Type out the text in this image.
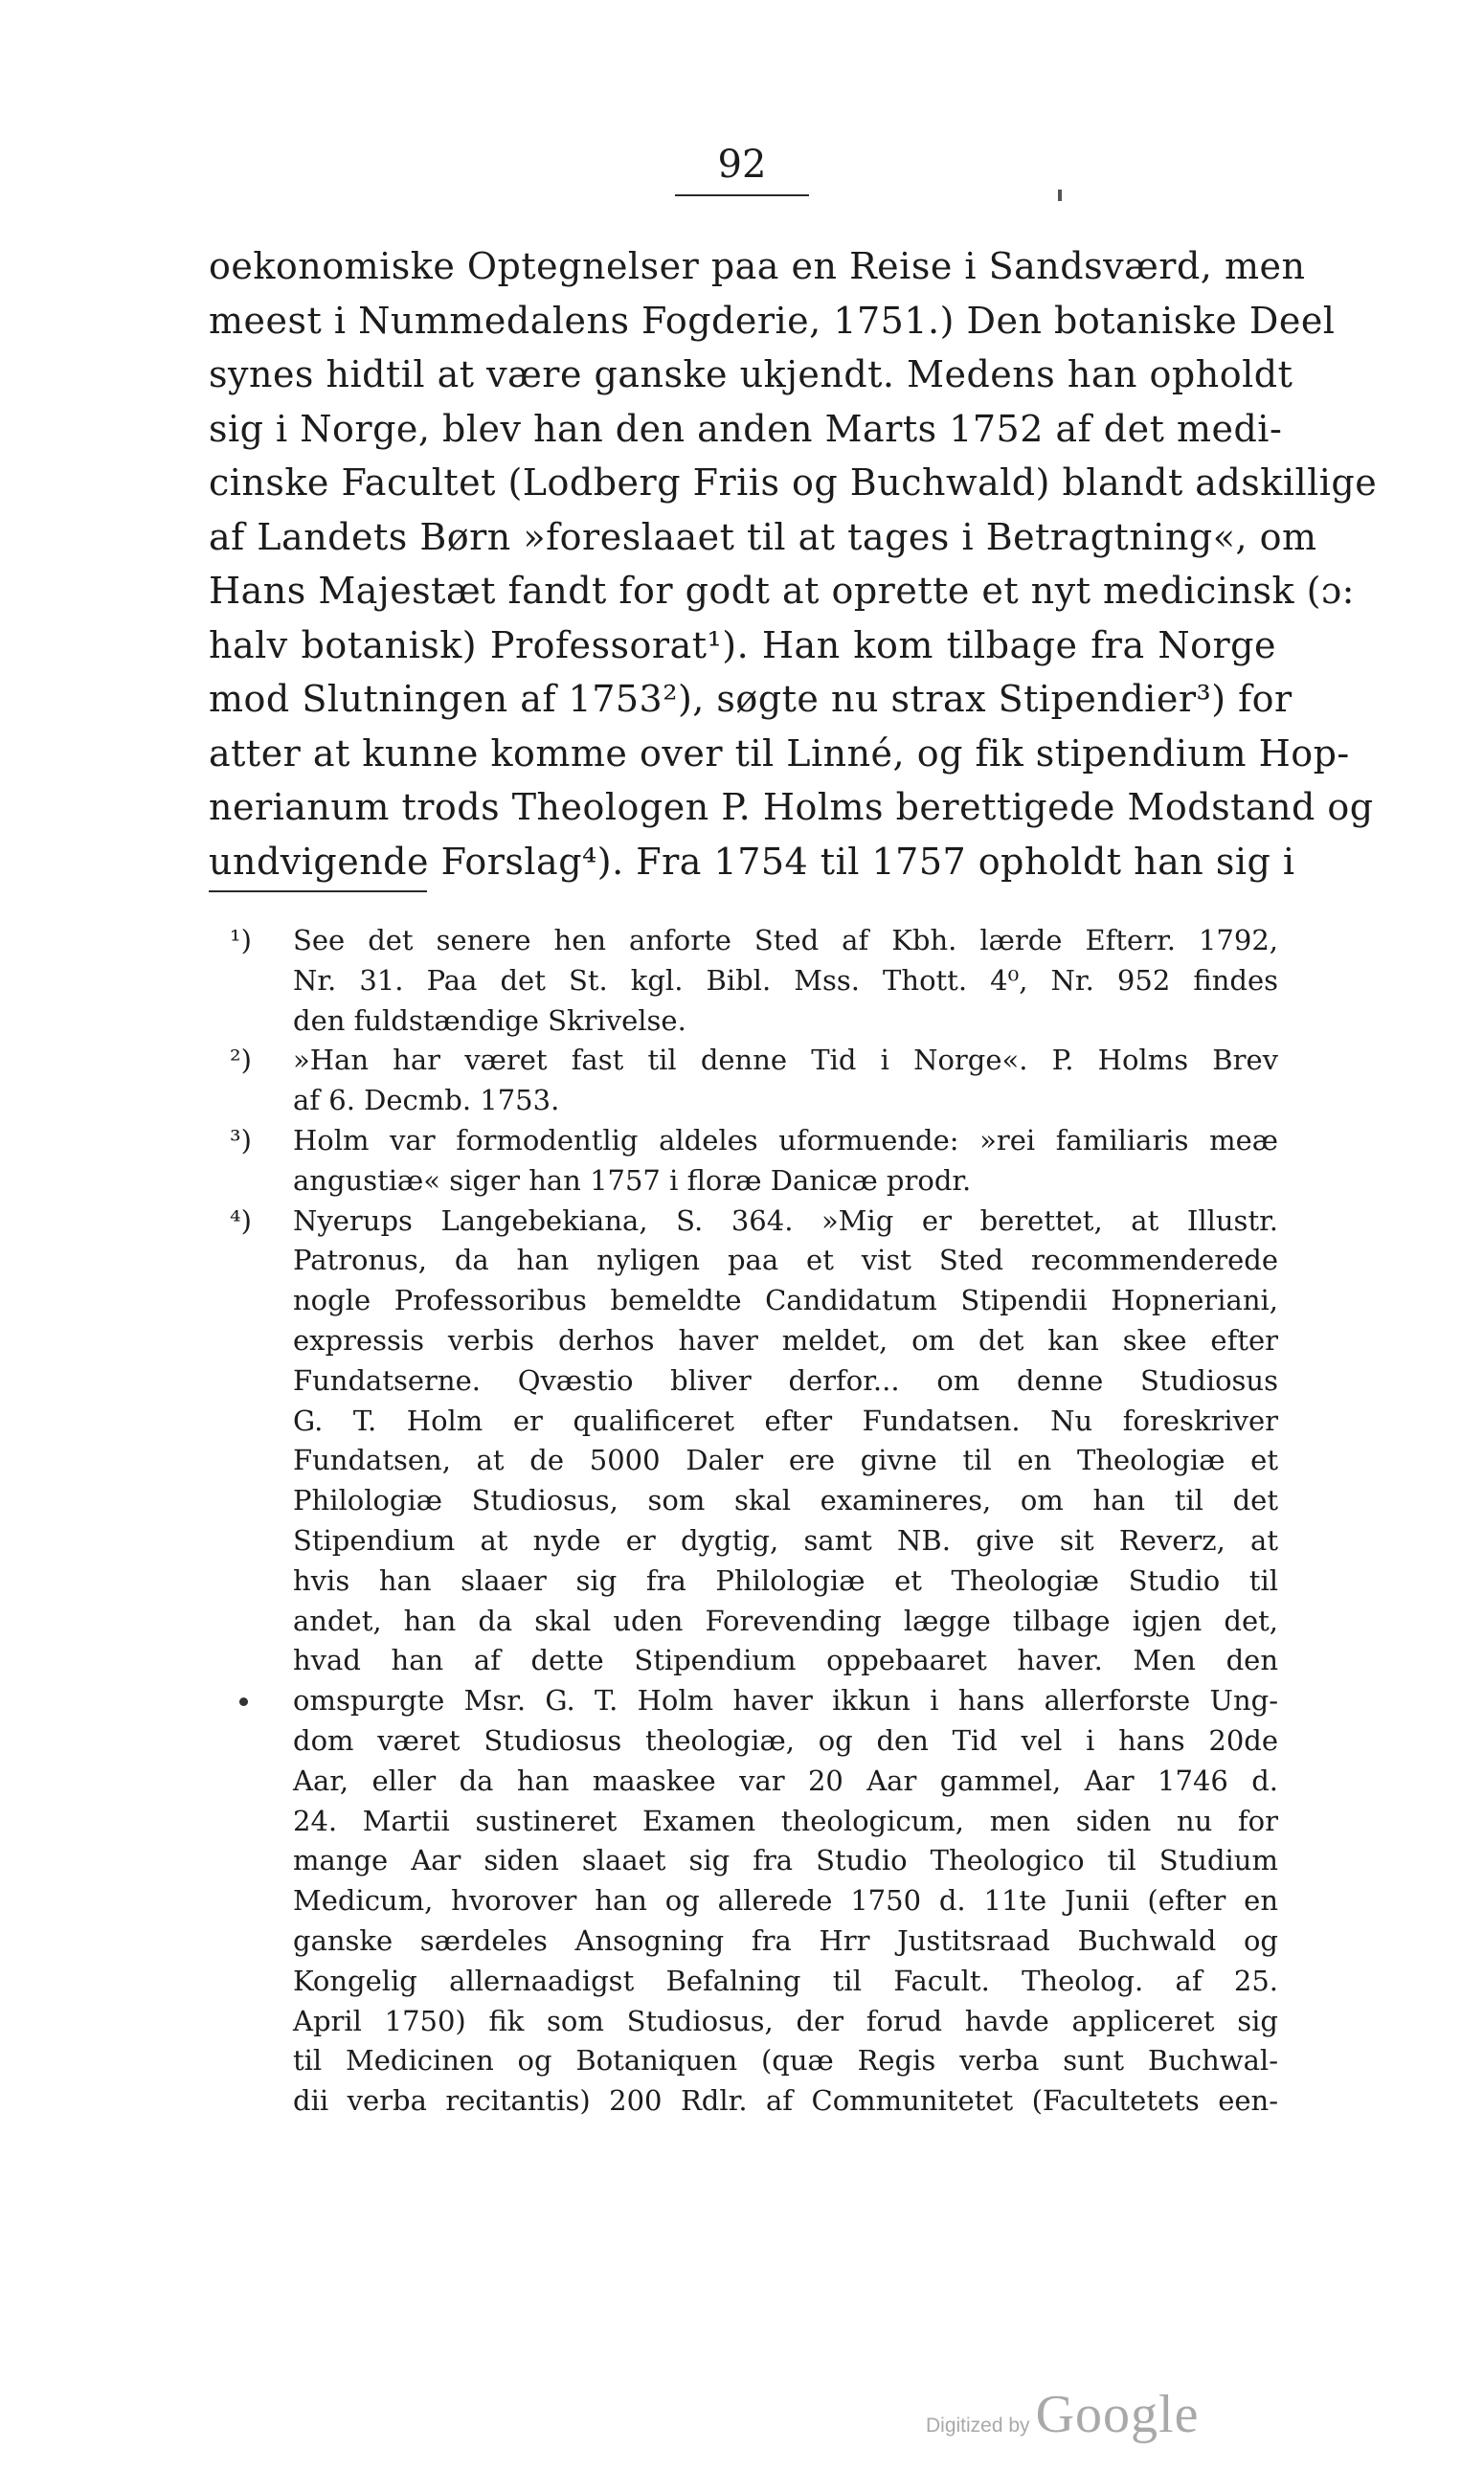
92
oekonomiske Optegnelser paa en Reise i Sandsværd, men
meest i Nummedalens Fogderie, 1751.) Den botaniske Deel
synes hidtil at være ganske ukjendt. Medens han opholdt
sig i Norge, blev han den anden Marts 1752 af det medi-
cinske Facultet (Lodberg Friis og Buchwald) blandt adskillige
af Landets Børn »foreslaaet til at tages i Betragtning«, om
Hans Majestæt fandt for godt at oprette et nyt medicinsk (ɔ:
halv botanisk) Professorat¹). Han kom tilbage fra Norge
mod Slutningen af 1753²), søgte nu strax Stipendier³) for
atter at kunne komme over til Linné, og fik stipendium Hop-
nerianum trods Theologen P. Holms berettigede Modstand og
undvigende Forslag⁴). Fra 1754 til 1757 opholdt han sig i
¹)	See det senere hen anforte Sted af Kbh. lærde Efterr. 1792,
Nr. 31. Paa det St. kgl. Bibl. Mss. Thott. 4⁰, Nr. 952 findes
den fuldstændige Skrivelse.
²)	»Han har været fast til denne Tid i Norge«. P. Holms Brev
af 6. Decmb. 1753.
³)	Holm var formodentlig aldeles uformuende: »rei familiaris meæ
angustiæ« siger han 1757 i floræ Danicæ prodr.
⁴)	Nyerups Langebekiana, S. 364. »Mig er berettet, at Illustr.
Patronus, da han nyligen paa et vist Sted recommenderede
nogle Professoribus bemeldte Candidatum Stipendii Hopneriani,
expressis verbis derhos haver meldet, om det kan skee efter
Fundatserne. Qvæstio bliver derfor... om denne Studiosus
G. T. Holm er qualificeret efter Fundatsen. Nu foreskriver
Fundatsen, at de 5000 Daler ere givne til en Theologiæ et
Philologiæ Studiosus, som skal examineres, om han til det
Stipendium at nyde er dygtig, samt NB. give sit Reverz, at
hvis han slaaer sig fra Philologiæ et Theologiæ Studio til
andet, han da skal uden Forevending lægge tilbage igjen det,
hvad han af dette Stipendium oppebaaret haver. Men den
omspurgte Msr. G. T. Holm haver ikkun i hans allerforste Ung-
dom været Studiosus theologiæ, og den Tid vel i hans 20de
Aar, eller da han maaskee var 20 Aar gammel, Aar 1746 d.
24. Martii sustineret Examen theologicum, men siden nu for
mange Aar siden slaaet sig fra Studio Theologico til Studium
Medicum, hvorover han og allerede 1750 d. 11te Junii (efter en
ganske særdeles Ansogning fra Hrr Justitsraad Buchwald og
Kongelig allernaadigst Befalning til Facult. Theolog. af 25.
April 1750) fik som Studiosus, der forud havde appliceret sig
til Medicinen og Botaniquen (quæ Regis verba sunt Buchwal-
dii verba recitantis) 200 Rdlr. af Communitetet (Facultetets een-
Digitized by Google
